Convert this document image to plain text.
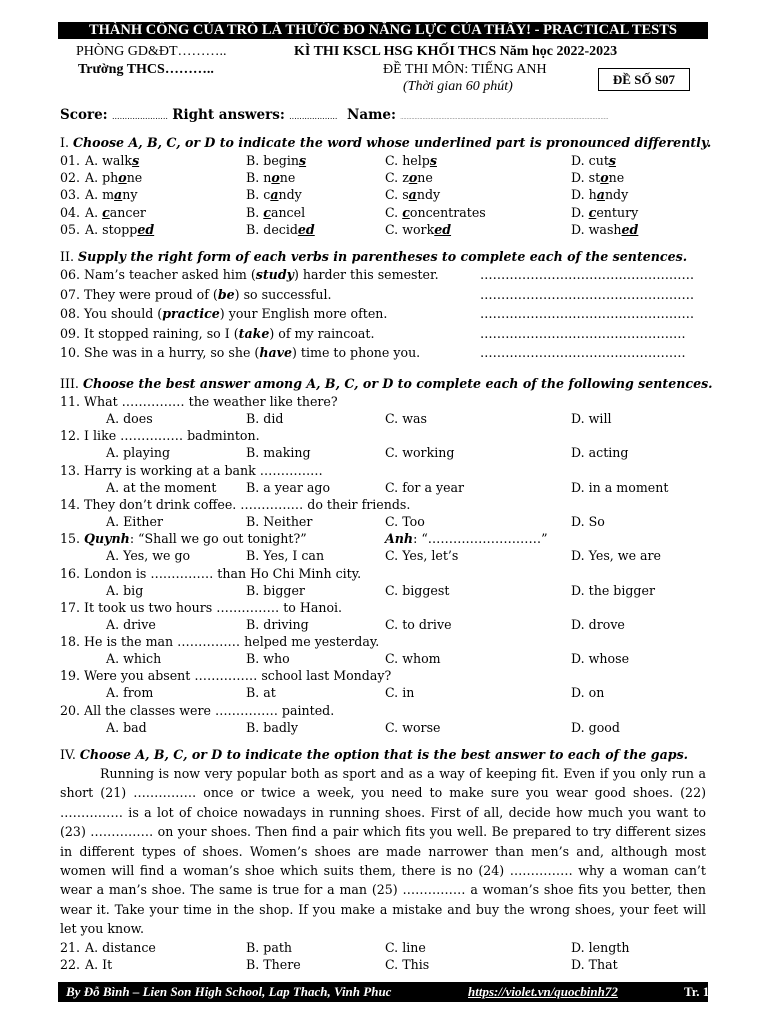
THÀNH CÔNG CỦA TRÒ LÀ THƯỚC ĐO NĂNG LỰC CỦA THẦY! - PRACTICAL TESTS
PHÒNG GD&ĐT………..
Trường THCS………..
KÌ THI KSCL HSG KHỐI THCS Năm học 2022-2023
ĐỀ THI MÔN: TIẾNG ANH
(Thời gian 60 phút)	ĐỀ SỐ S07
Score: ...................... Right answers: ................... Name: ...................................................................................................................................
I. Choose A, B, C, or D to indicate the word whose underlined part is pronounced differently.
01. A. walks	B. begins	C. helps	D. cuts
02. A. phone	B. none	C. zone	D. stone
03. A. many	B. candy	C. sandy	D. handy
04. A. cancer	B. cancel	C. concentrates	D. century
05. A. stopped	B. decided	C. worked	D. washed
II. Supply the right form of each verbs in parentheses to complete each of the sentences.
06. Nam’s teacher asked him (study) harder this semester.	……………………………………………
07. They were proud of (be) so successful.	……………………………………………
08. You should (practice) your English more often.	……………………………………………
09. It stopped raining, so I (take) of my raincoat.	………………………………………….
10. She was in a hurry, so she (have) time to phone you.	………………………………………….
III. Choose the best answer among A, B, C, or D to complete each of the following sentences.
11. What …………… the weather like there?
A. does	B. did	C. was	D. will
12. I like …………… badminton.
A. playing	B. making	C. working	D. acting
13. Harry is working at a bank ……………
A. at the moment B. a year ago	C. for a year	D. in a moment
14. They don’t drink coffee. …………… do their friends.
A. Either	B. Neither	C. Too	D. So
15. Quynh: “Shall we go out tonight?”	Anh: “………………………”
A. Yes, we go	B. Yes, I can	C. Yes, let’s	D. Yes, we are
16. London is …………… than Ho Chi Minh city.
A. big	B. bigger	C. biggest	D. the bigger
17. It took us two hours …………… to Hanoi.
A. drive	B. driving	C. to drive	D. drove
18. He is the man …………… helped me yesterday.
A. which	B. who	C. whom	D. whose
19. Were you absent …………… school last Monday?
A. from	B. at	C. in	D. on
20. All the classes were …………… painted.
A. bad	B. badly	C. worse	D. good
IV. Choose A, B, C, or D to indicate the option that is the best answer to each of the gaps.

Running is now very popular both as sport and as a way of keeping fit. Even if you only run a short (21) …………… once or twice a week, you need to make sure you wear good shoes. (22) …………… is a lot of choice nowadays in running shoes. First of all, decide how much you want to (23) …………… on your shoes. Then find a pair which fits you well. Be prepared to try different sizes in different types of shoes. Women’s shoes are made narrower than men’s and, although most women will find a woman’s shoe which suits them, there is no (24) …………… why a woman can’t wear a man’s shoe. The same is true for a man (25) …………… a woman’s shoe fits you better, then wear it. Take your time in the shop. If you make a mistake and buy the wrong shoes, your feet will let you know.

21. A. distance	B. path	C. line	D. length
22. A. It	B. There	C. This	D. That
By Đỗ Bình – Lien Son High School, Lap Thach, Vinh Phuc	https://violet.vn/quocbinh72	Tr. 1
